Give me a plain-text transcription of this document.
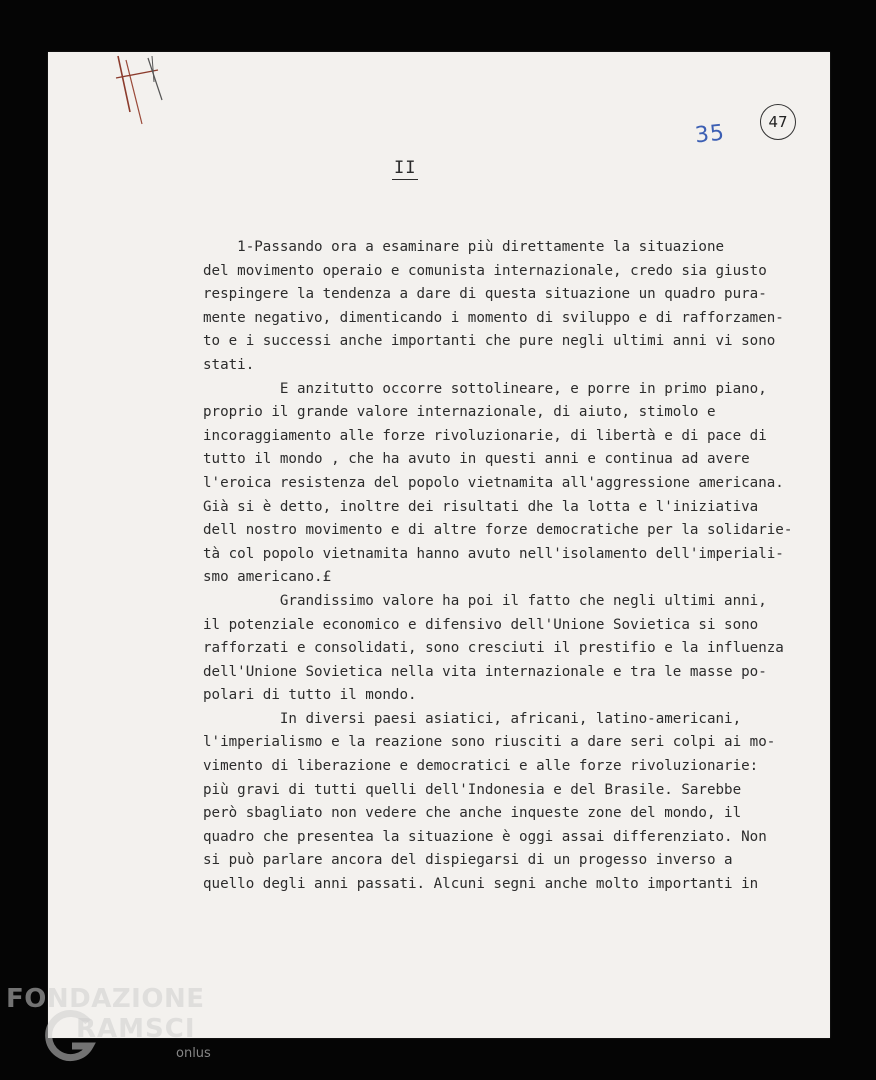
35	47
II
1-Passando ora a esaminare più direttamente la situazione
del movimento operaio e comunista internazionale, credo sia giusto
respingere la tendenza a dare di questa situazione un quadro pura-
mente negativo, dimenticando i momento di sviluppo e di rafforzamen-
to e i successi anche importanti che pure negli ultimi anni vi sono
stati.
E anzitutto occorre sottolineare, e porre in primo piano,
proprio il grande valore internazionale, di aiuto, stimolo e
incoraggiamento alle forze rivoluzionarie, di libertà e di pace di
tutto il mondo , che ha avuto in questi anni e continua ad avere
l'eroica resistenza del popolo vietnamita all'aggressione americana.
Già si è detto, inoltre dei risultati dhe la lotta e l'iniziativa
dell nostro movimento e di altre forze democratiche per la solidarie-
tà col popolo vietnamita hanno avuto nell'isolamento dell'imperiali-
smo americano.£
Grandissimo valore ha poi il fatto che negli ultimi anni,
il potenziale economico e difensivo dell'Unione Sovietica si sono
rafforzati e consolidati, sono cresciuti il prestifio e la influenza
dell'Unione Sovietica nella vita internazionale e tra le masse po-
polari di tutto il mondo.
In diversi paesi asiatici, africani, latino-americani,
l'imperialismo e la reazione sono riusciti a dare seri colpi ai mo-
vimento di liberazione e democratici e alle forze rivoluzionarie:
più gravi di tutti quelli dell'Indonesia e del Brasile. Sarebbe
però sbagliato non vedere che anche inqueste zone del mondo, il
quadro che presentea la situazione è oggi assai differenziato. Non
si può parlare ancora del dispiegarsi di un progesso inverso a
quello degli anni passati. Alcuni segni anche molto importanti in
FONDAZIONE
RAMSCI
onlus
